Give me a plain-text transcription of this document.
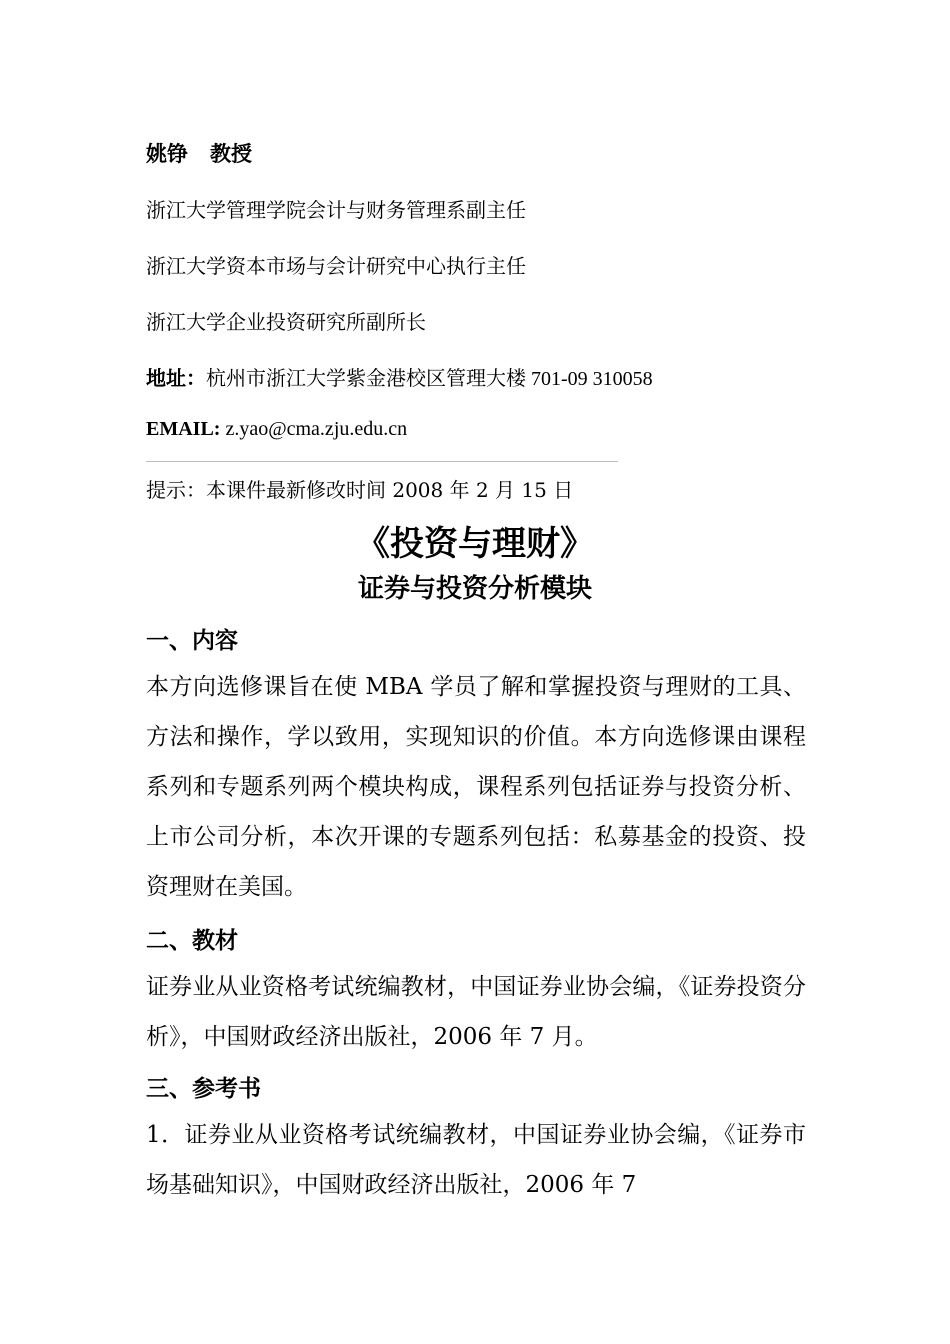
姚铮 教授
浙江大学管理学院会计与财务管理系副主任
浙江大学资本市场与会计研究中心执行主任
浙江大学企业投资研究所副所长
地址：杭州市浙江大学紫金港校区管理大楼 701-09 310058
EMAIL: z.yao@cma.zju.edu.cn
提示：本课件最新修改时间 2008 年 2 月 15 日
《投资与理财》
证券与投资分析模块
一、内容

本方向选修课旨在使 MBA 学员了解和掌握投资与理财的工具、方法和操作，学以致用，实现知识的价值。本方向选修课由课程系列和专题系列两个模块构成，课程系列包括证券与投资分析、上市公司分析，本次开课的专题系列包括：私募基金的投资、投资理财在美国。

二、教材

证券业从业资格考试统编教材，中国证券业协会编，《证券投资分析》，中国财政经济出版社，2006 年 7 月。

三、参考书

1．证券业从业资格考试统编教材，中国证券业协会编，《证券市场基础知识》，中国财政经济出版社，2006 年 7
